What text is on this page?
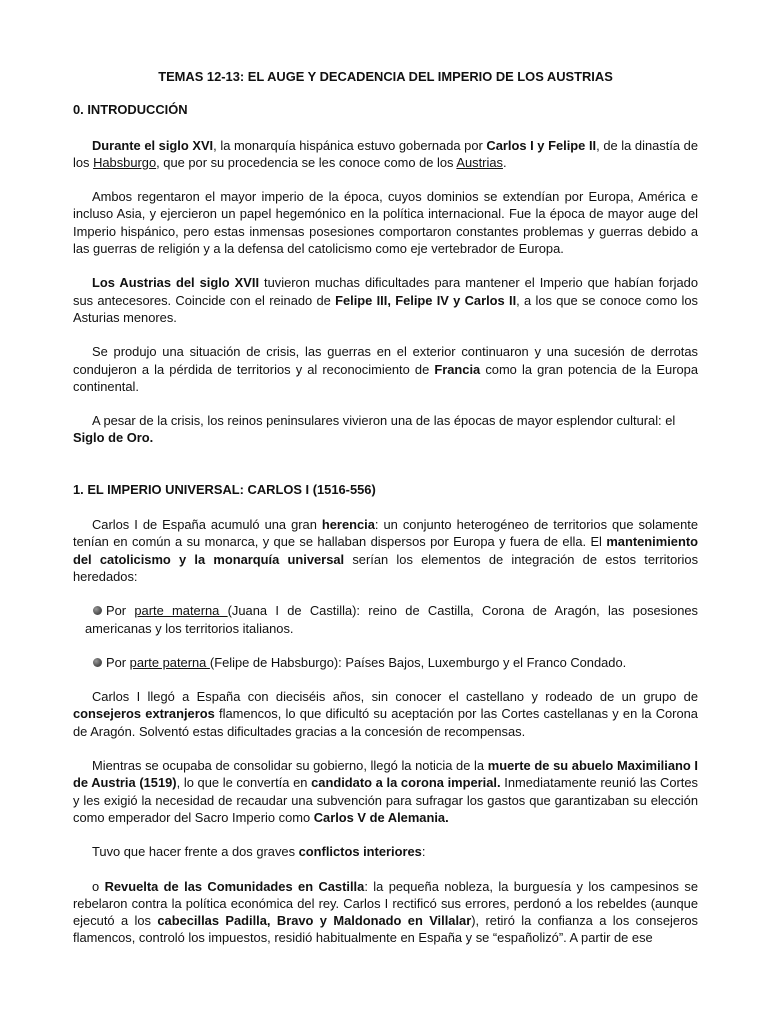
TEMAS 12-13: EL AUGE Y DECADENCIA DEL IMPERIO DE LOS AUSTRIAS
0. INTRODUCCIÓN

Durante el siglo XVI, la monarquía hispánica estuvo gobernada por Carlos I y Felipe II, de la dinastía de los Habsburgo, que por su procedencia se les conoce como de los Austrias.

Ambos regentaron el mayor imperio de la época, cuyos dominios se extendían por Europa, América e incluso Asia, y ejercieron un papel hegemónico en la política internacional. Fue la época de mayor auge del Imperio hispánico, pero estas inmensas posesiones comportaron constantes problemas y guerras debido a las guerras de religión y a la defensa del catolicismo como eje vertebrador de Europa.

Los Austrias del siglo XVII tuvieron muchas dificultades para mantener el Imperio que habían forjado sus antecesores. Coincide con el reinado de Felipe III, Felipe IV y Carlos II, a los que se conoce como los Asturias menores.

Se produjo una situación de crisis, las guerras en el exterior continuaron y una sucesión de derrotas condujeron a la pérdida de territorios y al reconocimiento de Francia como la gran potencia de la Europa continental.

A pesar de la crisis, los reinos peninsulares vivieron una de las épocas de mayor esplendor cultural: el Siglo de Oro.

1. EL IMPERIO UNIVERSAL: CARLOS I (1516-556)

Carlos I de España acumuló una gran herencia: un conjunto heterogéneo de territorios que solamente tenían en común a su monarca, y que se hallaban dispersos por Europa y fuera de ella. El mantenimiento del catolicismo y la monarquía universal serían los elementos de integración de estos territorios heredados:

Por parte materna (Juana I de Castilla): reino de Castilla, Corona de Aragón, las posesiones americanas y los territorios italianos.
Por parte paterna (Felipe de Habsburgo): Países Bajos, Luxemburgo y el Franco Condado.

Carlos I llegó a España con dieciséis años, sin conocer el castellano y rodeado de un grupo de consejeros extranjeros flamencos, lo que dificultó su aceptación por las Cortes castellanas y en la Corona de Aragón. Solventó estas dificultades gracias a la concesión de recompensas.

Mientras se ocupaba de consolidar su gobierno, llegó la noticia de la muerte de su abuelo Maximiliano I de Austria (1519), lo que le convertía en candidato a la corona imperial. Inmediatamente reunió las Cortes y les exigió la necesidad de recaudar una subvención para sufragar los gastos que garantizaban su elección como emperador del Sacro Imperio como Carlos V de Alemania.

Tuvo que hacer frente a dos graves conflictos interiores:

o Revuelta de las Comunidades en Castilla: la pequeña nobleza, la burguesía y los campesinos se rebelaron contra la política económica del rey. Carlos I rectificó sus errores, perdonó a los rebeldes (aunque ejecutó a los cabecillas Padilla, Bravo y Maldonado en Villalar), retiró la confianza a los consejeros flamencos, controló los impuestos, residió habitualmente en España y se “españolizó”. A partir de ese
